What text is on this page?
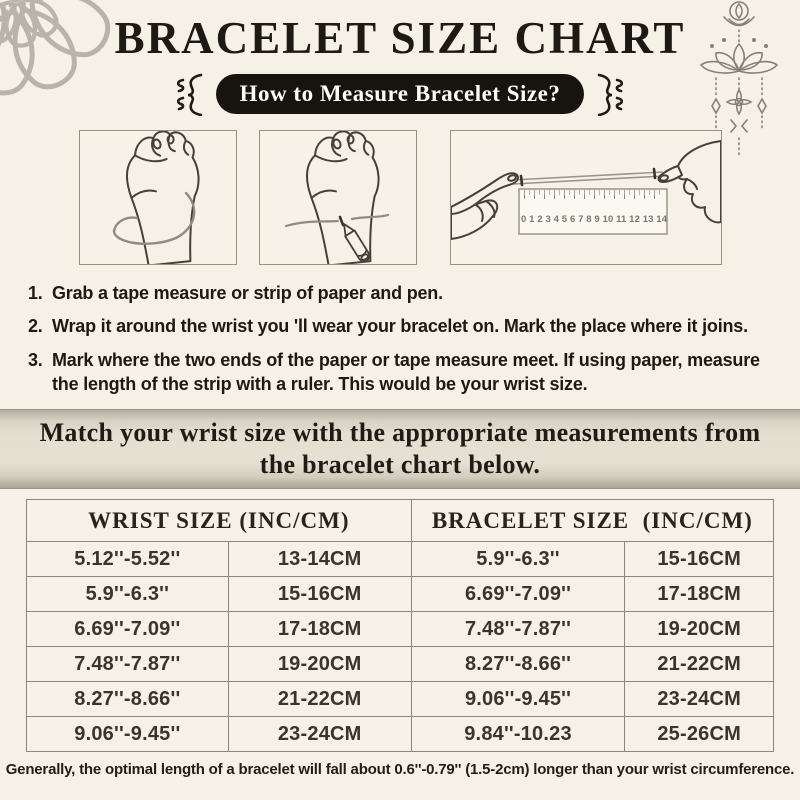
BRACELET SIZE CHART
How to Measure Bracelet Size?
0 1 2 3 4 5 6 7 8 9 10 11 12 13 14
1. Grab a tape measure or strip of paper and pen.
2. Wrap it around the wrist you 'll wear your bracelet on. Mark the place where it joins.
3. Mark where the two ends of the paper or tape measure meet. If using paper, measure the length of the strip with a ruler. This would be your wrist size.
Match your wrist size with the appropriate measurements from the bracelet chart below.
WRIST SIZE (INC/CM)		BRACELET SIZE  (INC/CM)	
5.12''-5.52''	13-14CM	5.9''-6.3''	15-16CM
5.9''-6.3''	15-16CM	6.69''-7.09''	17-18CM
6.69''-7.09''	17-18CM	7.48''-7.87''	19-20CM
7.48''-7.87''	19-20CM	8.27''-8.66''	21-22CM
8.27''-8.66''	21-22CM	9.06''-9.45''	23-24CM
9.06''-9.45''	23-24CM	9.84''-10.23	25-26CM

Generally, the optimal length of a bracelet will fall about 0.6''-0.79'' (1.5-2cm) longer than your wrist circumference.
